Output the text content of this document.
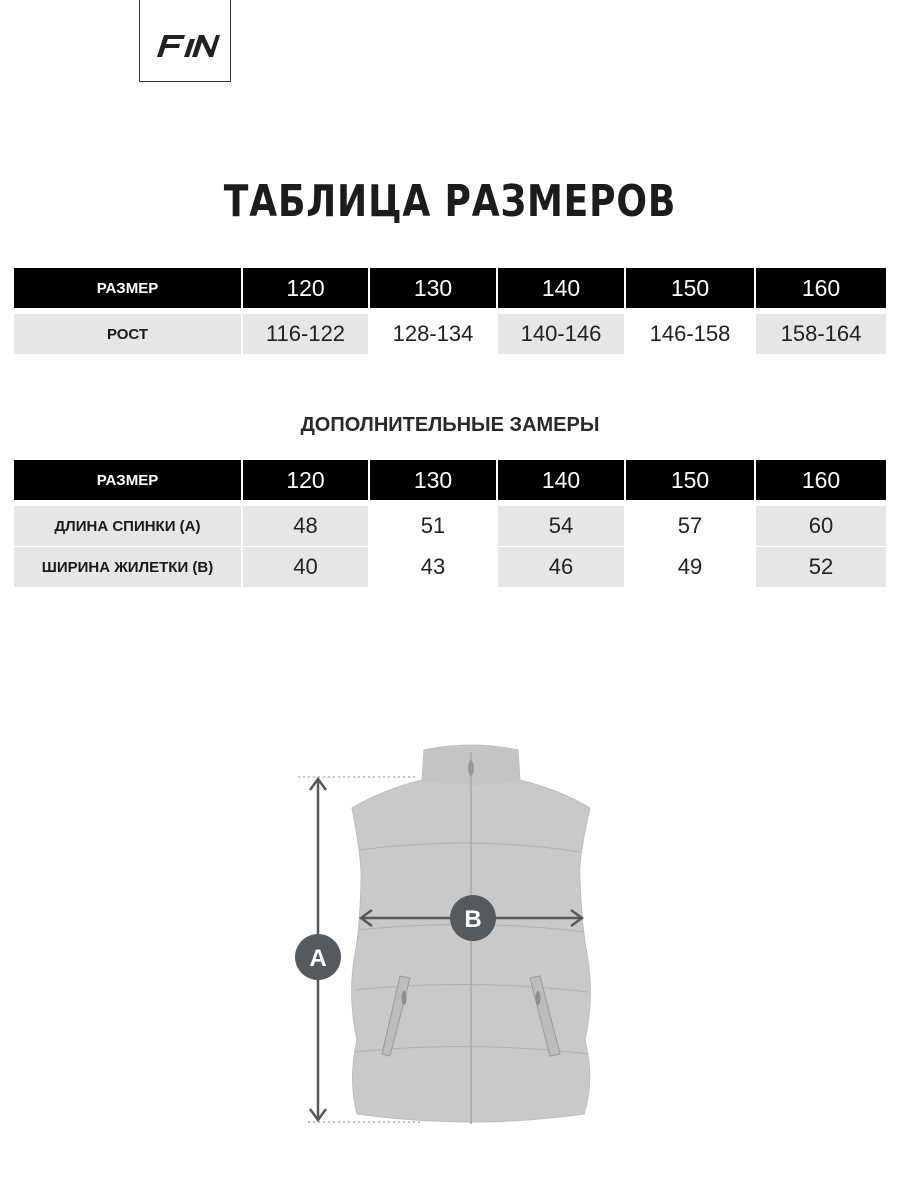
ТАБЛИЦА РАЗМЕРОВ
РАЗМЕР	120	130	140	150	160
РОСТ	116-122	128-134	140-146	146-158	158-164
ДОПОЛНИТЕЛЬНЫЕ ЗАМЕРЫ
РАЗМЕР	120	130	140	150	160
ДЛИНА СПИНКИ (А)	48	51	54	57	60
ШИРИНА ЖИЛЕТКИ (В)	40	43	46	49	52
A
B
